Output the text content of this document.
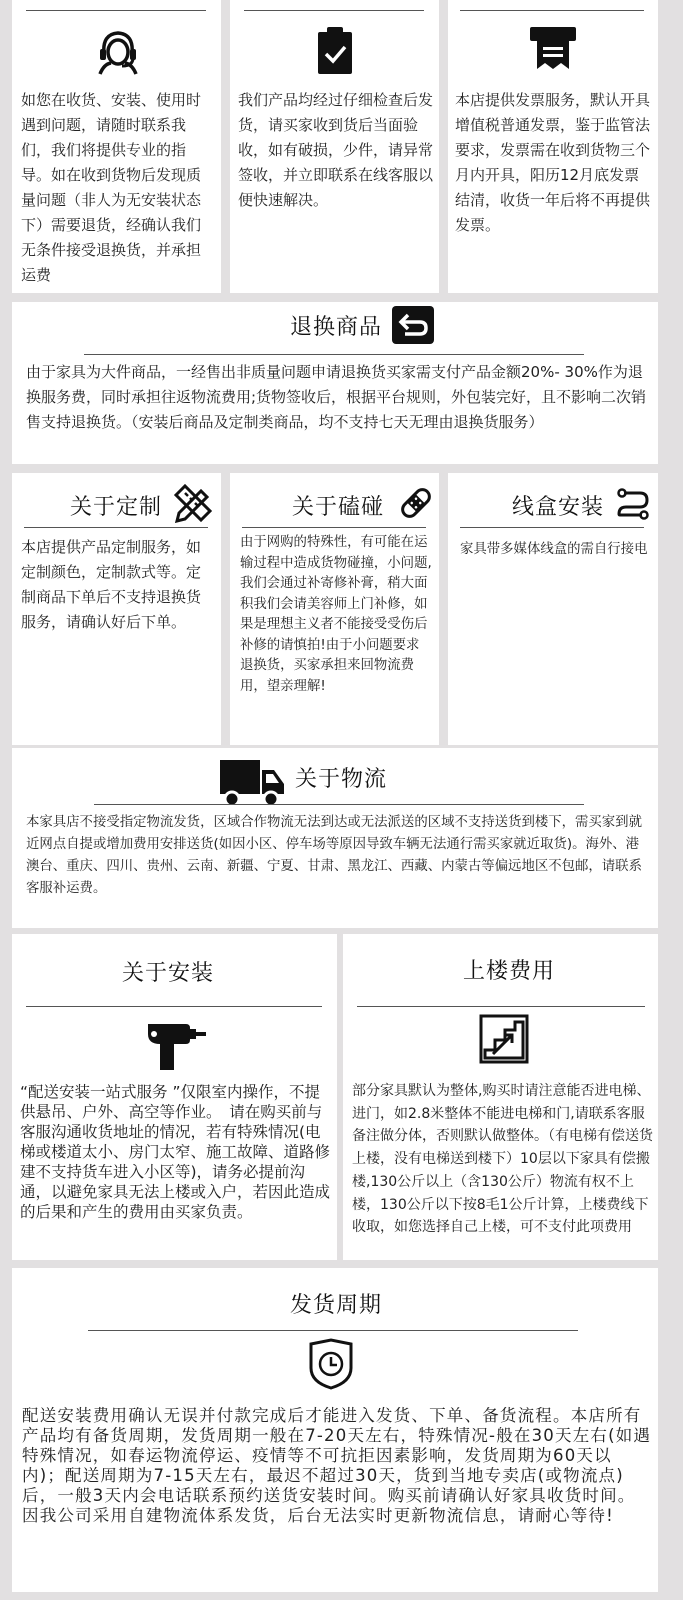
如您在收货、安装、使用时遇到问题，请随时联系我们，我们将提供专业的指导。如在收到货物后发现质量问题（非人为无安装状态下）需要退货，经确认我们无条件接受退换货，并承担运费
我们产品均经过仔细检查后发货，请买家收到货后当面验收，如有破损，少件，请异常签收，并立即联系在线客服以便快速解决。
本店提供发票服务，默认开具增值税普通发票，鉴于监管法要求，发票需在收到货物三个月内开具，阳历12月底发票结清，收货一年后将不再提供发票。
退换商品
由于家具为大件商品，一经售出非质量问题申请退换货买家需支付产品金额20%- 30%作为退换服务费，同时承担往返物流费用;货物签收后，根据平台规则，外包装完好，且不影响二次销售支持退换货。（安装后商品及定制类商品，均不支持七天无理由退换货服务）
关于定制
本店提供产品定制服务，如定制颜色，定制款式等。定制商品下单后不支持退换货服务，请确认好后下单。
关于磕碰
由于网购的特殊性，有可能在运输过程中造成货物碰撞，小问题,我们会通过补寄修补膏，稍大面积我们会请美容师上门补修，如果是理想主义者不能接受受伤后补修的请慎拍!由于小问题要求退换货，买家承担来回物流费用，望亲理解!
线盒安装
家具带多媒体线盒的需自行接电
关于物流
本家具店不接受指定物流发货，区域合作物流无法到达或无法派送的区域不支持送货到楼下，需买家到就近网点自提或增加费用安排送货(如因小区、停车场等原因导致车辆无法通行需买家就近取货)。海外、港澳台、重庆、四川、贵州、云南、新疆、宁夏、甘肃、黑龙江、西藏、内蒙古等偏远地区不包邮，请联系客服补运费。
关于安装
“配送安装一站式服务 ”仅限室内操作，不提供悬吊、户外、高空等作业。　请在购买前与客服沟通收货地址的情况，若有特殊情况(电梯或楼道太小、房门太窄、施工故障、道路修建不支持货车进入小区等)，请务必提前沟通，以避免家具无法上楼或入户，若因此造成的后果和产生的费用由买家负责。
上楼费用
部分家具默认为整体,购买时请注意能否进电梯、进门，如2.8米整体不能进电梯和门,请联系客服备注做分体，否则默认做整体。（有电梯有偿送货上楼，没有电梯送到楼下）10层以下家具有偿搬楼,130公斤以上（含130公斤）物流有权不上楼，130公斤以下按8毛1公斤计算，上楼费线下收取，如您选择自己上楼，可不支付此项费用
发货周期
配送安装费用确认无误并付款完成后才能进入发货、下单、备货流程。本店所有产品均有备货周期，发货周期一般在7-20天左右，特殊情况-般在30天左右(如遇特殊情况，如春运物流停运、疫情等不可抗拒因素影响，发货周期为60天以内)；配送周期为7-15天左右，最迟不超过30天，货到当地专卖店(或物流点)后，一般3天内会电话联系预约送货安装时间。购买前请确认好家具收货时间。因我公司采用自建物流体系发货，后台无法实时更新物流信息，请耐心等待!
